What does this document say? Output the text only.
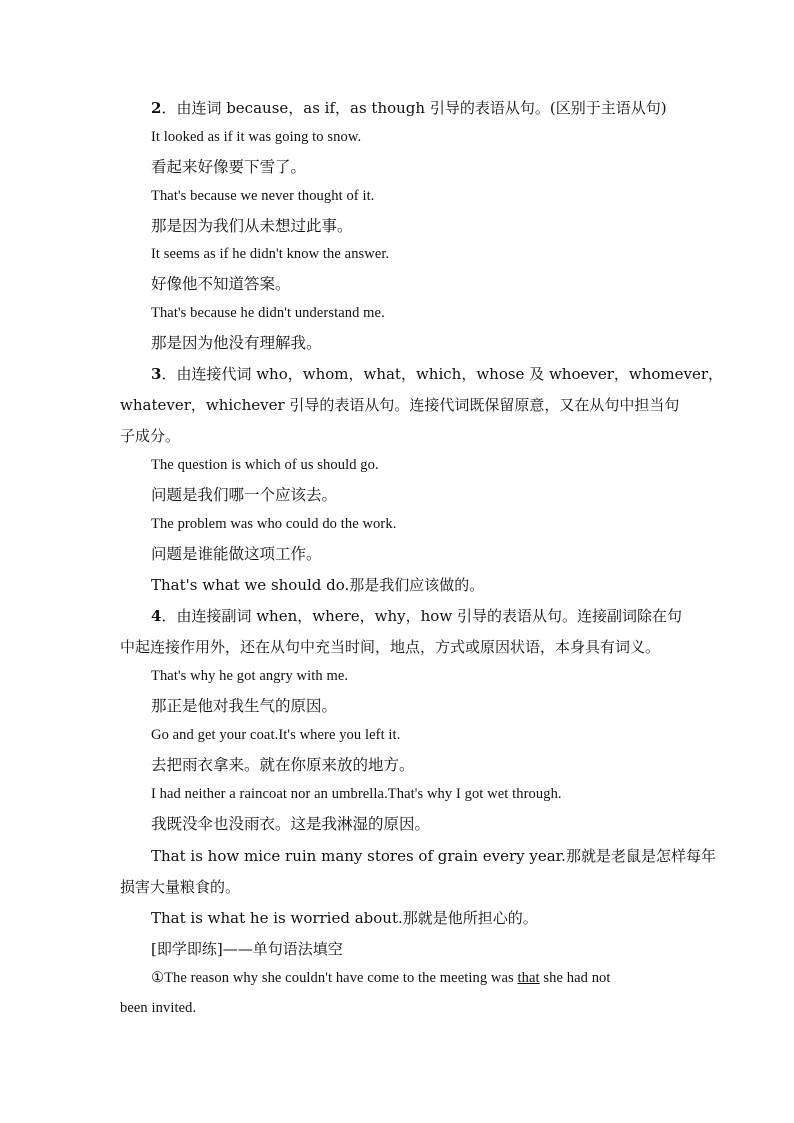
2．由连词 because，as if，as though 引导的表语从句。(区别于主语从句)
It looked as if it was going to snow.
看起来好像要下雪了。
That's because we never thought of it.
那是因为我们从未想过此事。
It seems as if he didn't know the answer.
好像他不知道答案。
That's because he didn't understand me.
那是因为他没有理解我。
3．由连接代词 who，whom，what，which，whose 及 whoever，whomever，
whatever，whichever 引导的表语从句。连接代词既保留原意，又在从句中担当句
子成分。
The question is which of us should go.
问题是我们哪一个应该去。
The problem was who could do the work.
问题是谁能做这项工作。
That's what we should do.那是我们应该做的。
4．由连接副词 when，where，why，how 引导的表语从句。连接副词除在句
中起连接作用外，还在从句中充当时间，地点，方式或原因状语，本身具有词义。
That's why he got angry with me.
那正是他对我生气的原因。
Go and get your coat.It's where you left it.
去把雨衣拿来。就在你原来放的地方。
I had neither a raincoat nor an umbrella.That's why I got wet through.
我既没伞也没雨衣。这是我淋湿的原因。
That is how mice ruin many stores of grain every year.那就是老鼠是怎样每年
损害大量粮食的。
That is what he is worried about.那就是他所担心的。
[即学即练]——单句语法填空
①The reason why she couldn't have come to the meeting was that she had not
been invited.
